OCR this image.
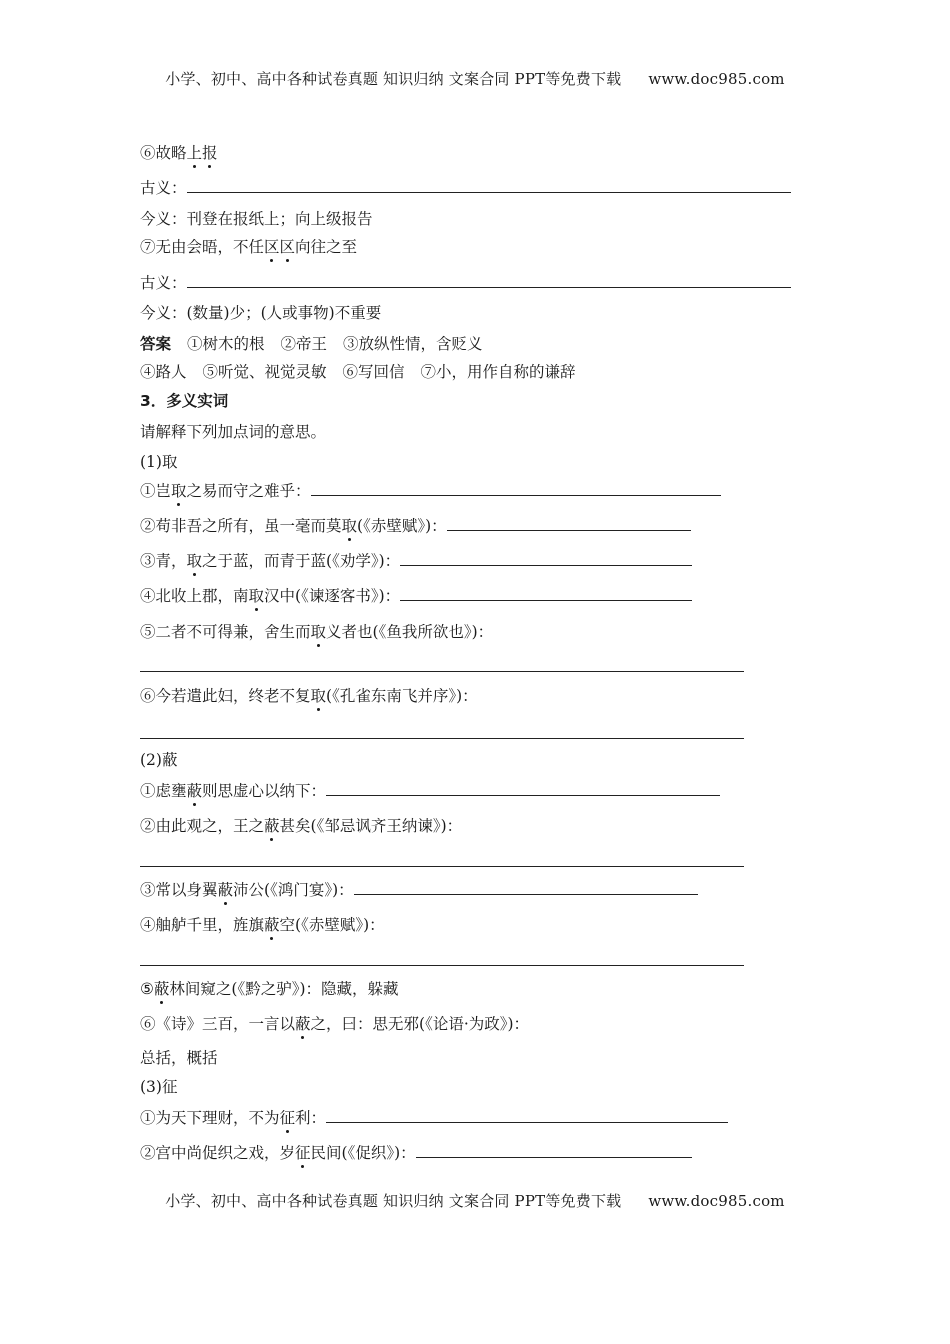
小学、初中、高中各种试卷真题 知识归纳 文案合同 PPT等免费下载 www.doc985.com
⑥故略上报
古义：
今义：刊登在报纸上；向上级报告
⑦无由会晤，不任区区向往之至
古义：
今义：(数量)少；(人或事物)不重要
答案 ①树木的根 ②帝王 ③放纵性情，含贬义
④路人 ⑤听觉、视觉灵敏 ⑥写回信 ⑦小，用作自称的谦辞
3．多义实词
请解释下列加点词的意思。
(1)取
①岂取之易而守之难乎：
②苟非吾之所有，虽一毫而莫取(《赤壁赋》)：
③青，取之于蓝，而青于蓝(《劝学》)：
④北收上郡，南取汉中(《谏逐客书》)：
⑤二者不可得兼，舍生而取义者也(《鱼我所欲也》)：
⑥今若遣此妇，终老不复取(《孔雀东南飞并序》)：
(2)蔽
①虑壅蔽则思虚心以纳下：
②由此观之，王之蔽甚矣(《邹忌讽齐王纳谏》)：
③常以身翼蔽沛公(《鸿门宴》)：
④舳舻千里，旌旗蔽空(《赤壁赋》)：
⑤蔽林间窥之(《黔之驴》)：隐藏，躲藏
⑥《诗》三百，一言以蔽之，曰：思无邪(《论语·为政》)：
总括，概括
(3)征
①为天下理财，不为征利：
②宫中尚促织之戏，岁征民间(《促织》)：
小学、初中、高中各种试卷真题 知识归纳 文案合同 PPT等免费下载 www.doc985.com
